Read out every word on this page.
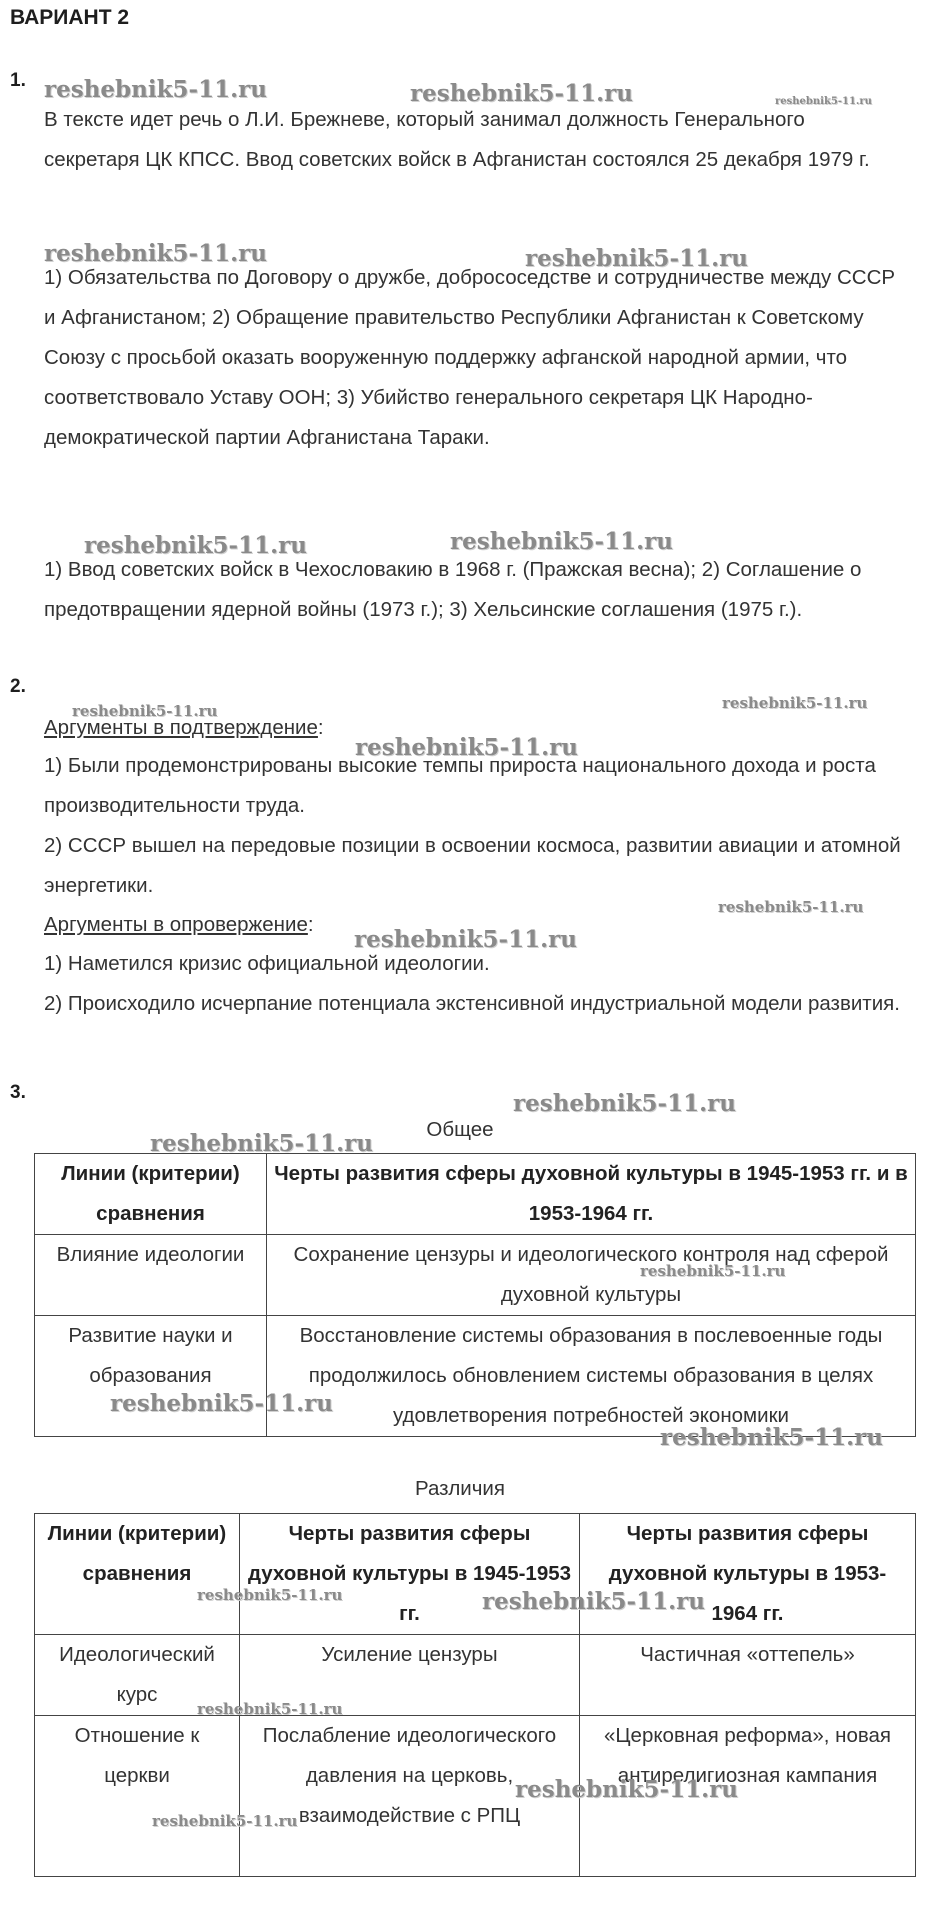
ВАРИАНТ 2
1.

В тексте идет речь о Л.И. Брежневе, который занимал должность Генерального секретаря ЦК КПСС. Ввод советских войск в Афганистан состоялся 25 декабря 1979 г.

1) Обязательства по Договору о дружбе, добрососедстве и сотрудничестве между СССР и Афганистаном; 2) Обращение правительство Республики Афганистан к Советскому Союзу с просьбой оказать вооруженную поддержку афганской народной армии, что соответствовало Уставу ООН; 3) Убийство генерального секретаря ЦК Народно-демократической партии Афганистана Тараки.

1) Ввод советских войск в Чехословакию в 1968 г. (Пражская весна); 2) Соглашение о предотвращении ядерной войны (1973 г.); 3) Хельсинские соглашения (1975 г.).

2.

Аргументы в подтверждение:

1) Были продемонстрированы высокие темпы прироста национального дохода и роста производительности труда.

2) СССР вышел на передовые позиции в освоении космоса, развитии авиации и атомной энергетики.

Аргументы в опровержение:

1) Наметился кризис официальной идеологии.

2) Происходило исчерпание потенциала экстенсивной индустриальной модели развития.

3.
Общее
Линии (критерии) сравнения	Черты развития сферы духовной культуры в 1945-1953 гг. и в 1953-1964 гг.
Влияние идеологии	Сохранение цензуры и идеологического контроля над сферой духовной культуры
Развитие науки и образования	Восстановление системы образования в послевоенные годы продолжилось обновлением системы образования в целях удовлетворения потребностей экономики
Различия
Линии (критерии) сравнения	Черты развития сферы духовной культуры в 1945-1953 гг.	Черты развития сферы духовной культуры в 1953-1964 гг.
Идеологический курс	Усиление цензуры	Частичная «оттепель»
Отношение к церкви	Послабление идеологического давления на церковь, взаимодействие с РПЦ	«Церковная реформа», новая антирелигиозная кампания
reshebnik5-11.ru	reshebnik5-11.ru	reshebnik5-11.ru
reshebnik5-11.ru	reshebnik5-11.ru
reshebnik5-11.ru	reshebnik5-11.ru
reshebnik5-11.ru	reshebnik5-11.ru
reshebnik5-11.ru
reshebnik5-11.ru
reshebnik5-11.ru
reshebnik5-11.ru
reshebnik5-11.ru
reshebnik5-11.ru
reshebnik5-11.ru
reshebnik5-11.ru
reshebnik5-11.ru	reshebnik5-11.ru
reshebnik5-11.ru
reshebnik5-11.ru
reshebnik5-11.ru
